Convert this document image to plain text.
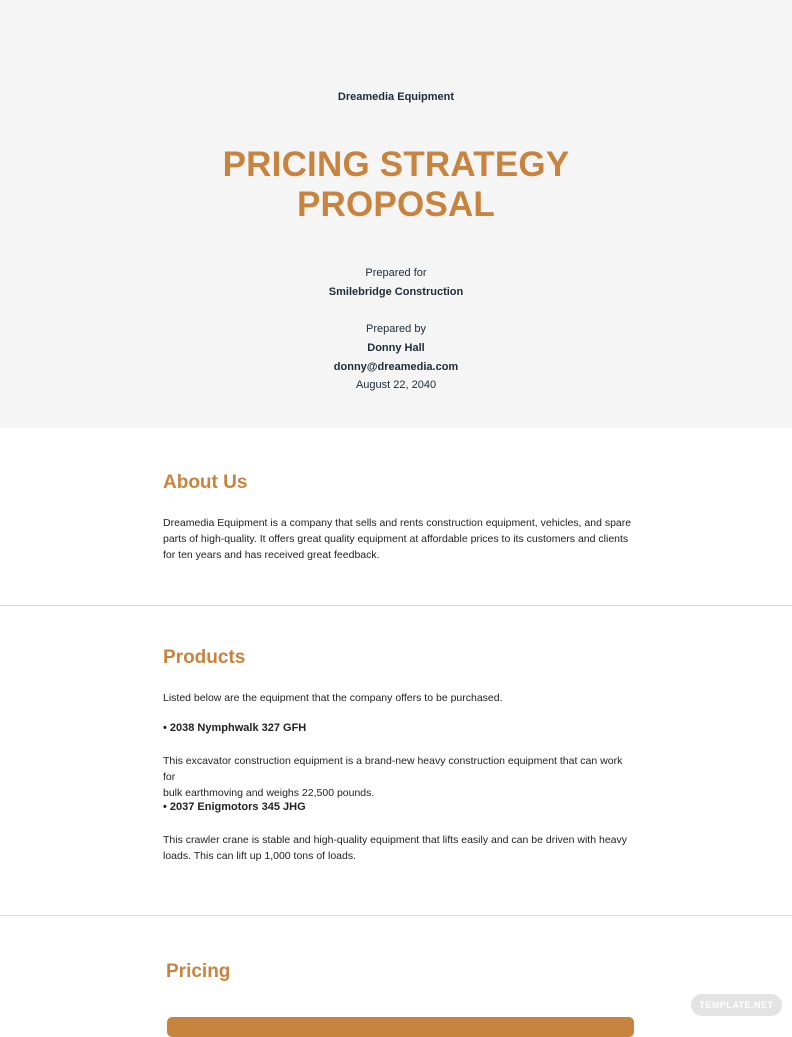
Dreamedia Equipment
PRICING STRATEGY
PROPOSAL
Prepared for
Smilebridge Construction
Prepared by
Donny Hall
donny@dreamedia.com
August 22, 2040
About Us
Dreamedia Equipment is a company that sells and rents construction equipment, vehicles, and spare
parts of high-quality. It offers great quality equipment at affordable prices to its customers and clients
for ten years and has received great feedback.
Products
Listed below are the equipment that the company offers to be purchased.
• 2038 Nymphwalk 327 GFH
This excavator construction equipment is a brand-new heavy construction equipment that can work for
bulk earthmoving and weighs 22,500 pounds.
• 2037 Enigmotors 345 JHG
This crawler crane is stable and high-quality equipment that lifts easily and can be driven with heavy
loads. This can lift up 1,000 tons of loads.
Pricing
TEMPLATE.NET
